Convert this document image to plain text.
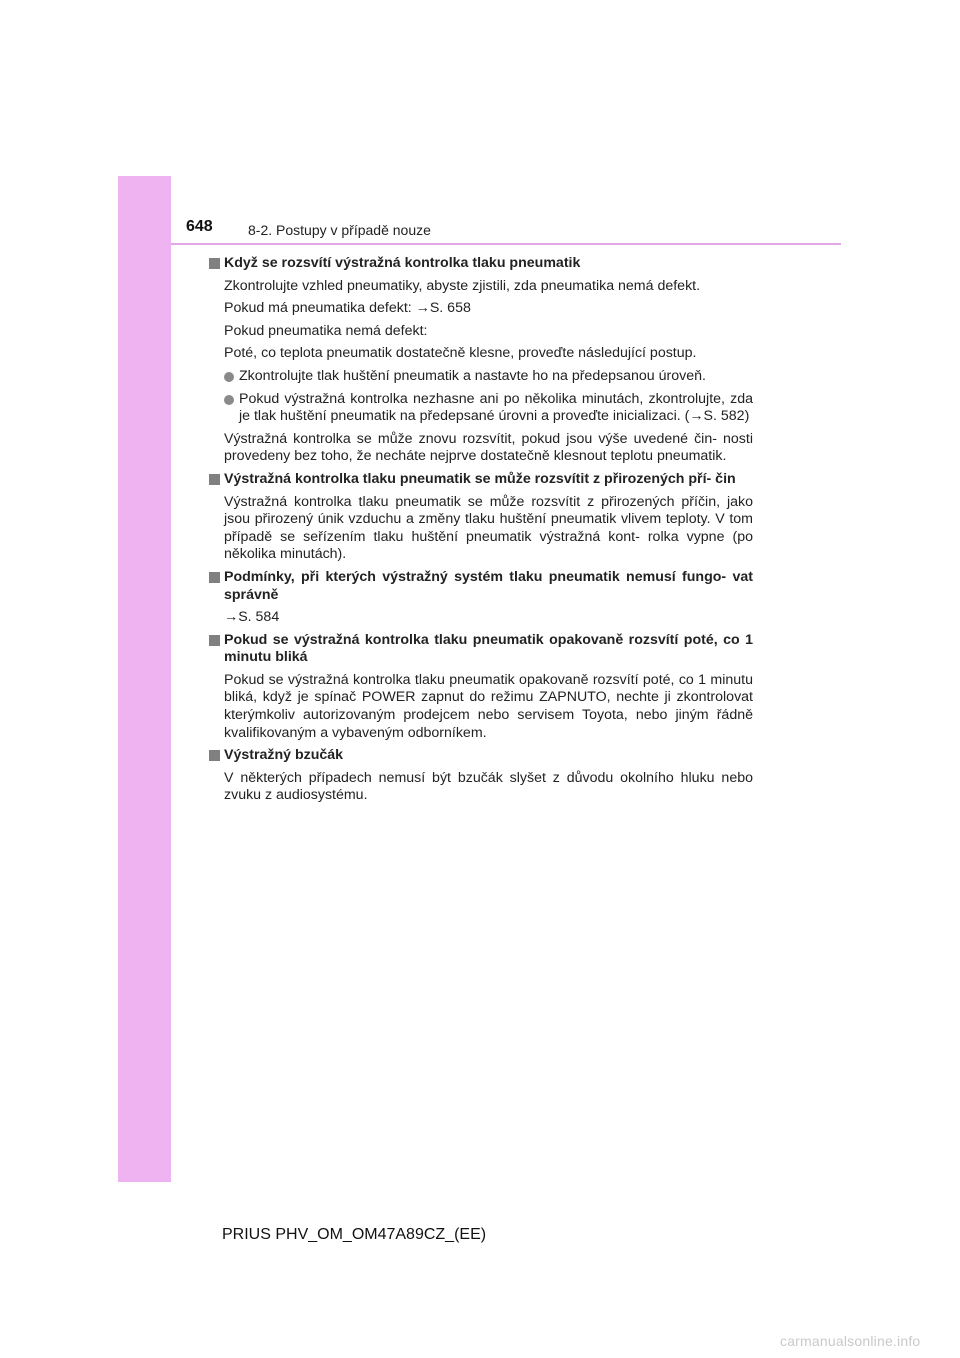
648	8-2. Postupy v případě nouze
Když se rozsvítí výstražná kontrolka tlaku pneumatik
Zkontrolujte vzhled pneumatiky, abyste zjistili, zda pneumatika nemá defekt.
Pokud má pneumatika defekt: →S. 658
Pokud pneumatika nemá defekt:
Poté, co teplota pneumatik dostatečně klesne, proveďte následující postup.
Zkontrolujte tlak huštění pneumatik a nastavte ho na předepsanou úroveň.
Pokud výstražná kontrolka nezhasne ani po několika minutách, zkontrolujte, zda je tlak huštění pneumatik na předepsané úrovni a proveďte inicializaci. (→S. 582)
Výstražná kontrolka se může znovu rozsvítit, pokud jsou výše uvedené čin- nosti provedeny bez toho, že necháte nejprve dostatečně klesnout teplotu pneumatik.
Výstražná kontrolka tlaku pneumatik se může rozsvítit z přirozených pří- čin
Výstražná kontrolka tlaku pneumatik se může rozsvítit z přirozených příčin, jako jsou přirozený únik vzduchu a změny tlaku huštění pneumatik vlivem teploty. V tom případě se seřízením tlaku huštění pneumatik výstražná kont- rolka vypne (po několika minutách).
Podmínky, při kterých výstražný systém tlaku pneumatik nemusí fungo- vat správně
→S. 584
Pokud se výstražná kontrolka tlaku pneumatik opakovaně rozsvítí poté, co 1 minutu bliká
Pokud se výstražná kontrolka tlaku pneumatik opakovaně rozsvítí poté, co 1 minutu bliká, když je spínač POWER zapnut do režimu ZAPNUTO, nechte ji zkontrolovat kterýmkoliv autorizovaným prodejcem nebo servisem Toyota, nebo jiným řádně kvalifikovaným a vybaveným odborníkem.
Výstražný bzučák
V některých případech nemusí být bzučák slyšet z důvodu okolního hluku nebo zvuku z audiosystému.
PRIUS PHV_OM_OM47A89CZ_(EE)
carmanualsonline.info
